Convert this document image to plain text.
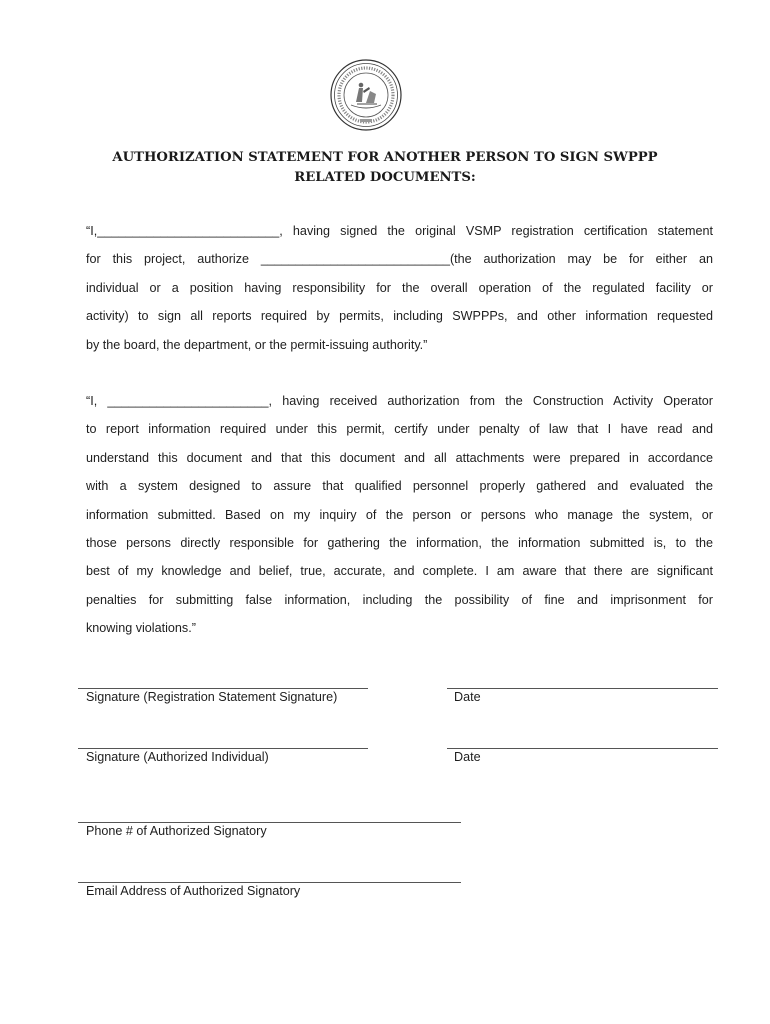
AUTHORIZATION STATEMENT FOR ANOTHER PERSON TO SIGN SWPPP
RELATED DOCUMENTS:
“I,__________________________, having signed the original VSMP registration certification statement
for this project, authorize ___________________________(the authorization may be for either an
individual or a position having responsibility for the overall operation of the regulated facility or
activity) to sign all reports required by permits, including SWPPPs, and other information requested
by the board, the department, or the permit-issuing authority.”
“I, _______________________, having received authorization from the Construction Activity Operator
to report information required under this permit, certify under penalty of law that I have read and
understand this document and that this document and all attachments were prepared in accordance
with a system designed to assure that qualified personnel properly gathered and evaluated the
information submitted. Based on my inquiry of the person or persons who manage the system, or
those persons directly responsible for gathering the information, the information submitted is, to the
best of my knowledge and belief, true, accurate, and complete. I am aware that there are significant
penalties for submitting false information, including the possibility of fine and imprisonment for
knowing violations.”
Signature (Registration Statement Signature)	Date
Signature (Authorized Individual)	Date
Phone # of Authorized Signatory
Email Address of Authorized Signatory
